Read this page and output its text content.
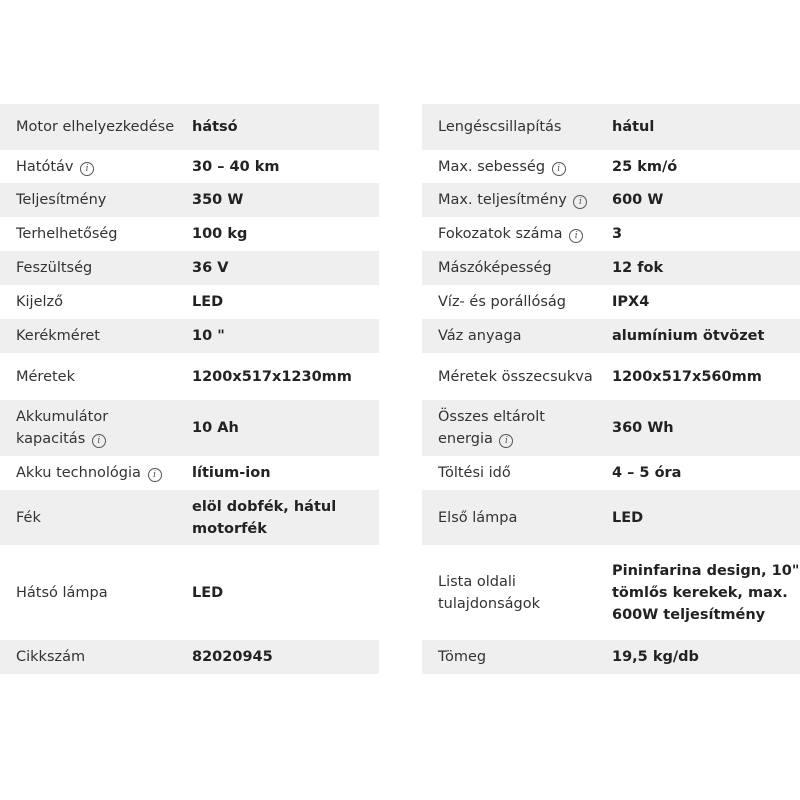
Motor elhelyezkedése	hátsó
Hatótáv i	30 – 40 km
Teljesítmény	350 W
Terhelhetőség	100 kg
Feszültség	36 V
Kijelző	LED
Kerékméret	10 "
Méretek	1200x517x1230mm
Akkumulátor kapacitás i	10 Ah
Akku technológia i	lítium-ion
Fék	elöl dobfék, hátul motorfék
Hátsó lámpa	LED
Cikkszám	82020945
Lengéscsillapítás	hátul
Max. sebesség i	25 km/ó
Max. teljesítmény i	600 W
Fokozatok száma i	3
Mászóképesség	12 fok
Víz- és porállóság	IPX4
Váz anyaga	alumínium ötvözet
Méretek összecsukva	1200x517x560mm
Összes eltárolt energia i	360 Wh
Töltési idő	4 – 5 óra
Első lámpa	LED
Lista oldali tulajdonságok	Pininfarina design, 10" tömlős kerekek, max. 600W teljesítmény
Tömeg	19,5 kg/db
